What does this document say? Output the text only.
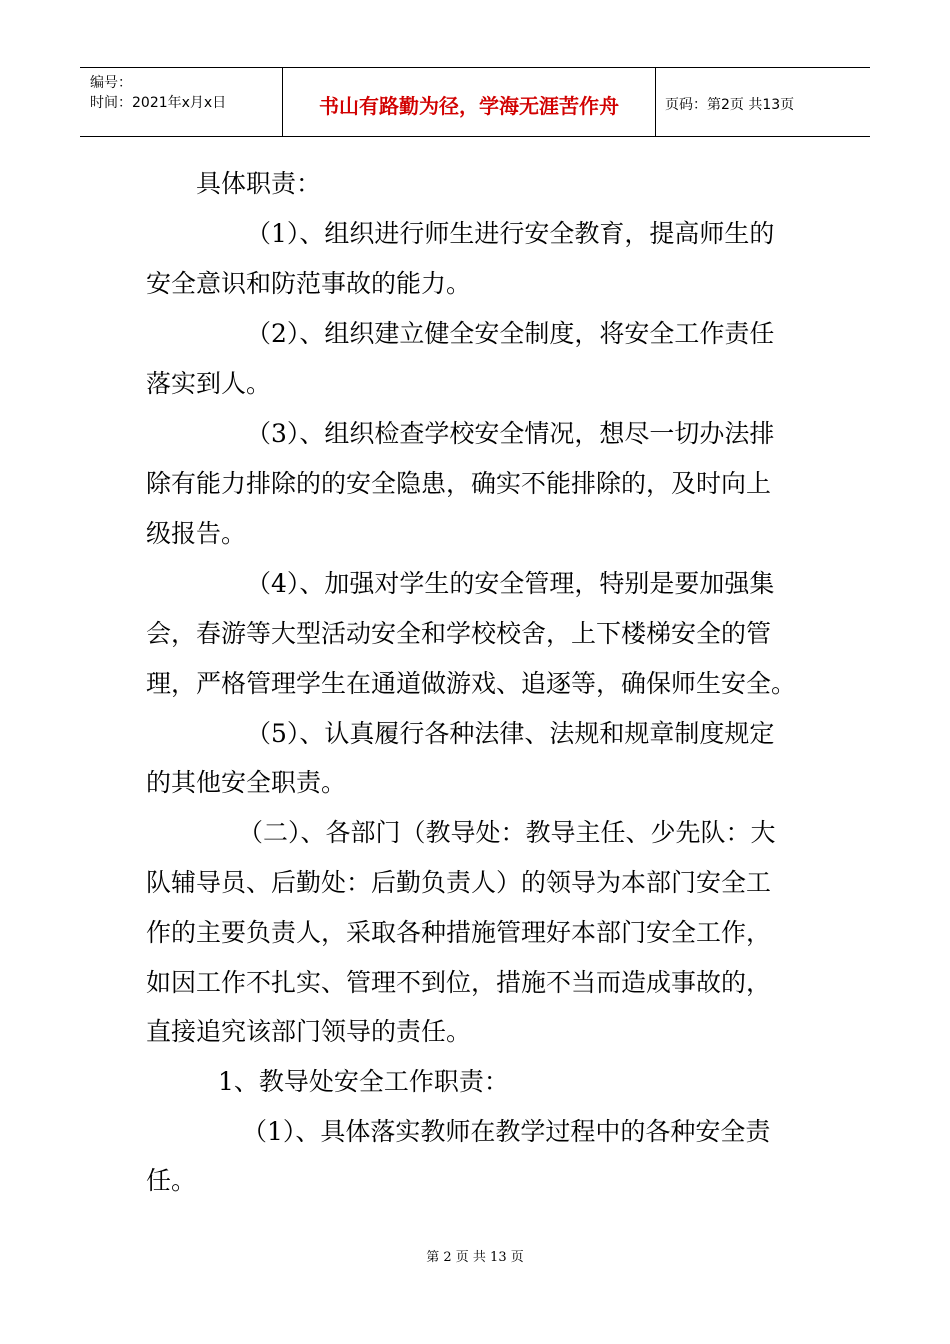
编号：
时间：2021年x月x日	书山有路勤为径，学海无涯苦作舟	页码：第2页 共13页
具体职责：
（1）、组织进行师生进行安全教育，提高师生的
安全意识和防范事故的能力。
（2）、组织建立健全安全制度，将安全工作责任
落实到人。
（3）、组织检查学校安全情况，想尽一切办法排
除有能力排除的的安全隐患，确实不能排除的，及时向上
级报告。
（4）、加强对学生的安全管理，特别是要加强集
会，春游等大型活动安全和学校校舍，上下楼梯安全的管
理，严格管理学生在通道做游戏、追逐等，确保师生安全。
（5）、认真履行各种法律、法规和规章制度规定
的其他安全职责。
（二）、各部门（教导处：教导主任、少先队：大
队辅导员、后勤处：后勤负责人）的领导为本部门安全工
作的主要负责人，采取各种措施管理好本部门安全工作，
如因工作不扎实、管理不到位，措施不当而造成事故的，
直接追究该部门领导的责任。
1、教导处安全工作职责：
（1）、具体落实教师在教学过程中的各种安全责
任。
第 2 页 共 13 页
